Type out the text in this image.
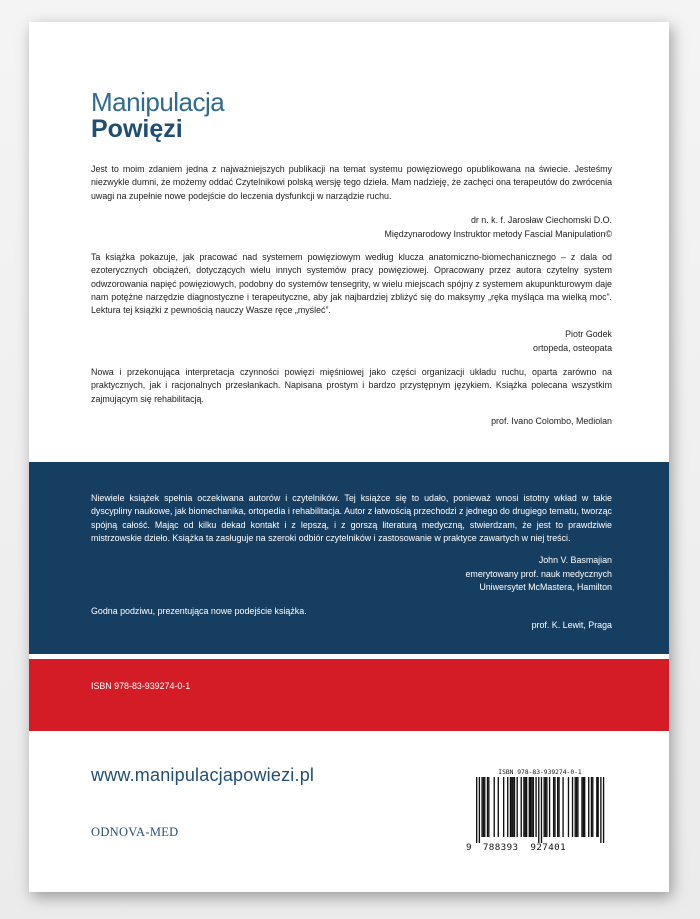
Manipulacja
Powięzi

Jest to moim zdaniem jedna z najważniejszych publikacji na temat systemu powięziowego opublikowana na świecie. Jesteśmy niezwykle dumni, że możemy oddać Czytelnikowi polską wersję tego dzieła. Mam nadzieję, że zachęci ona terapeutów do zwrócenia uwagi na zupełnie nowe podejście do leczenia dysfunkcji w narządzie ruchu.

dr n. k. f. Jarosław Ciechomski D.O.
Międzynarodowy Instruktor metody Fascial Manipulation©

Ta książka pokazuje, jak pracować nad systemem powięziowym według klucza anatomiczno-biomechanicznego – z dala od ezoterycznych obciążeń, dotyczących wielu innych systemów pracy powięziowej. Opracowany przez autora czytelny system odwzorowania napięć powięziowych, podobny do systemów tensegrity, w wielu miejscach spójny z systemem akupunkturowym daje nam potężne narzędzie diagnostyczne i terapeutyczne, aby jak najbardziej zbliżyć się do maksymy „ręka myśląca ma wielką moc”. Lektura tej książki z pewnością nauczy Wasze ręce „myśleć”.

Piotr Godek
ortopeda, osteopata

Nowa i przekonująca interpretacja czynności powięzi mięśniowej jako części organizacji układu ruchu, oparta zarówno na praktycznych, jak i racjonalnych przesłankach. Napisana prostym i bardzo przystępnym językiem. Książka polecana wszystkim zajmującym się rehabilitacją.

prof. Ivano Colombo, Mediolan

Niewiele książek spełnia oczekiwana autorów i czytelników. Tej książce się to udało, ponieważ wnosi istotny wkład w takie dyscypliny naukowe, jak biomechanika, ortopedia i rehabilitacja. Autor z łatwością przechodzi z jednego do drugiego tematu, tworząc spójną całość. Mając od kilku dekad kontakt i z lepszą, i z gorszą literaturą medyczną, stwierdzam, że jest to prawdziwie mistrzowskie dzieło. Książka ta zasługuje na szeroki odbiór czytelników i zastosowanie w praktyce zawartych w niej treści.

John V. Basmajian
emerytowany prof. nauk medycznych
Uniwersytet McMastera, Hamilton

Godna podziwu, prezentująca nowe podejście książka.

prof. K. Lewit, Praga
ISBN 978-83-939274-0-1
www.manipulacjapowiezi.pl
ODNOVA-MED
ISBN 978-83-939274-0-1
9 788393 927401
